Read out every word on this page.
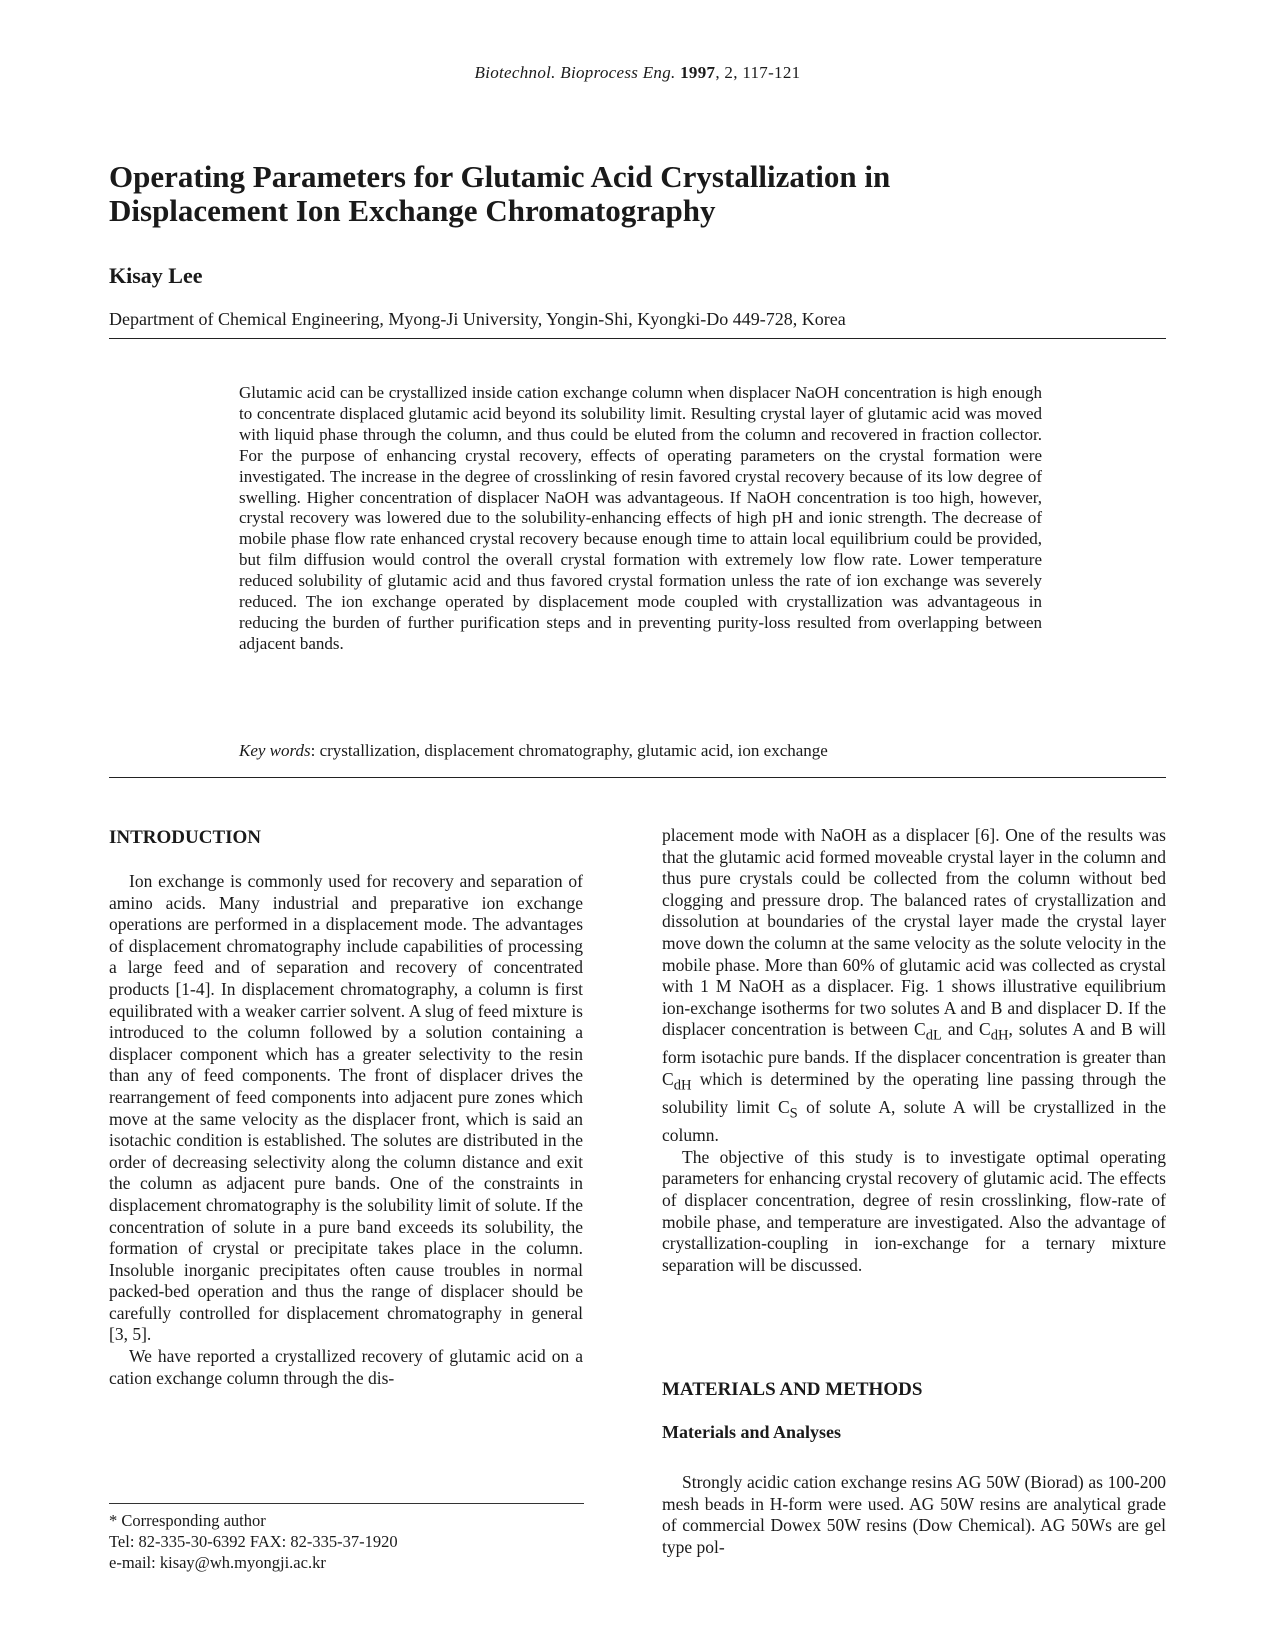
Biotechnol. Bioprocess Eng. 1997, 2, 117-121
Operating Parameters for Glutamic Acid Crystallization in
Displacement Ion Exchange Chromatography
Kisay Lee
Department of Chemical Engineering, Myong-Ji University, Yongin-Shi, Kyongki-Do 449-728, Korea

Glutamic acid can be crystallized inside cation exchange column when displacer NaOH concentration is high enough to concentrate displaced glutamic acid beyond its solubility limit. Resulting crystal layer of glutamic acid was moved with liquid phase through the column, and thus could be eluted from the column and recovered in fraction collector. For the purpose of enhancing crystal recovery, effects of operating parameters on the crystal formation were investigated. The increase in the degree of crosslinking of resin favored crystal recovery because of its low degree of swelling. Higher concentration of displacer NaOH was advantageous. If NaOH concentration is too high, however, crystal recovery was lowered due to the solubility-enhancing effects of high pH and ionic strength. The decrease of mobile phase flow rate enhanced crystal recovery because enough time to attain local equilibrium could be provided, but film diffusion would control the overall crystal formation with extremely low flow rate. Lower temperature reduced solubility of glutamic acid and thus favored crystal formation unless the rate of ion exchange was severely reduced. The ion exchange operated by displacement mode coupled with crystallization was advantageous in reducing the burden of further purification steps and in preventing purity-loss resulted from overlapping between adjacent bands.

Key words: crystallization, displacement chromatography, glutamic acid, ion exchange
INTRODUCTION

Ion exchange is commonly used for recovery and separation of amino acids. Many industrial and preparative ion exchange operations are performed in a displacement mode. The advantages of displacement chromatography include capabilities of processing a large feed and of separation and recovery of concentrated products [1-4]. In displacement chromatography, a column is first equilibrated with a weaker carrier solvent. A slug of feed mixture is introduced to the column followed by a solution containing a displacer component which has a greater selectivity to the resin than any of feed components. The front of displacer drives the rearrangement of feed components into adjacent pure zones which move at the same velocity as the displacer front, which is said an isotachic condition is established. The solutes are distributed in the order of decreasing selectivity along the column distance and exit the column as adjacent pure bands. One of the constraints in displacement chromatography is the solubility limit of solute. If the concentration of solute in a pure band exceeds its solubility, the formation of crystal or precipitate takes place in the column. Insoluble inorganic precipitates often cause troubles in normal packed-bed operation and thus the range of displacer should be carefully controlled for displacement chromatography in general [3, 5].

We have reported a crystallized recovery of glutamic acid on a cation exchange column through the dis-

placement mode with NaOH as a displacer [6]. One of the results was that the glutamic acid formed moveable crystal layer in the column and thus pure crystals could be collected from the column without bed clogging and pressure drop. The balanced rates of crystallization and dissolution at boundaries of the crystal layer made the crystal layer move down the column at the same velocity as the solute velocity in the mobile phase. More than 60% of glutamic acid was collected as crystal with 1 M NaOH as a displacer. Fig. 1 shows illustrative equilibrium ion-exchange isotherms for two solutes A and B and displacer D. If the displacer concentration is between $C_{dL}$ and $C_{dH}$, solutes A and B will form isotachic pure bands. If the displacer concentration is greater than $C_{dH}$ which is determined by the operating line passing through the solubility limit $C_S$ of solute A, solute A will be crystallized in the column.

The objective of this study is to investigate optimal operating parameters for enhancing crystal recovery of glutamic acid. The effects of displacer concentration, degree of resin crosslinking, flow-rate of mobile phase, and temperature are investigated. Also the advantage of crystallization-coupling in ion-exchange for a ternary mixture separation will be discussed.

MATERIALS AND METHODS
Materials and Analyses

Strongly acidic cation exchange resins AG 50W (Biorad) as 100-200 mesh beads in H-form were used. AG 50W resins are analytical grade of commercial Dowex 50W resins (Dow Chemical). AG 50Ws are gel type pol-

* Corresponding author
Tel: 82-335-30-6392 FAX: 82-335-37-1920
e-mail: kisay@wh.myongji.ac.kr
